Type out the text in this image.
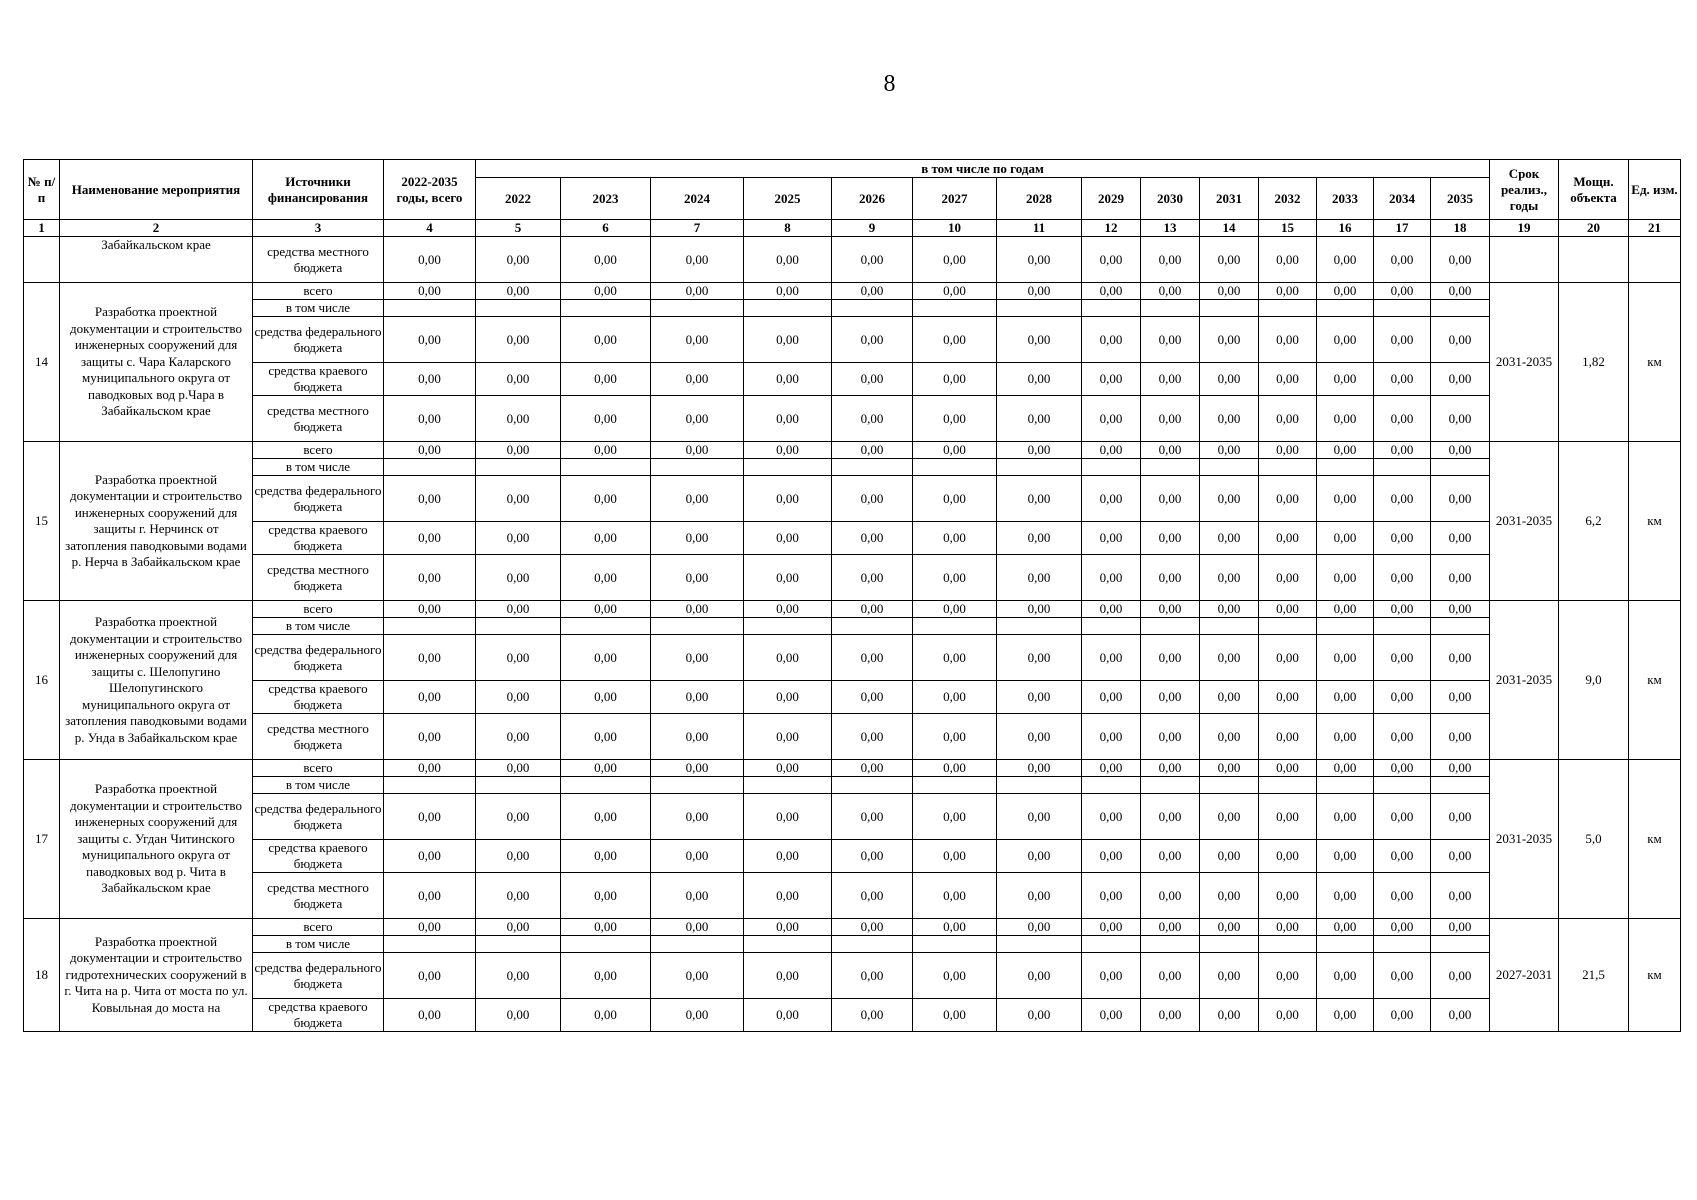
8
№ п/ п	Наименование мероприятия	Источники финансирования	2022-2035 годы, всего	в том числе по годам														Срок реализ., годы	Мощн. объекта	Ед. изм.
				2022	2023	2024	2025	2026	2027	2028	2029	2030	2031	2032	2033	2034	2035			
1	2	3	4	5	6	7	8	9	10	11	12	13	14	15	16	17	18	19	20	21
	Забайкальском крае	средства местного бюджета	0,00	0,00	0,00	0,00	0,00	0,00	0,00	0,00	0,00	0,00	0,00	0,00	0,00	0,00	0,00			
14	Разработка проектной документации и строительство инженерных сооружений для защиты с. Чара Каларского муниципального округа от паводковых вод р.Чара в Забайкальском крае	всего	0,00	0,00	0,00	0,00	0,00	0,00	0,00	0,00	0,00	0,00	0,00	0,00	0,00	0,00	0,00	2031-2035	1,82	км
		в том числе																		
		средства федерального бюджета	0,00	0,00	0,00	0,00	0,00	0,00	0,00	0,00	0,00	0,00	0,00	0,00	0,00	0,00	0,00			
		средства краевого бюджета	0,00	0,00	0,00	0,00	0,00	0,00	0,00	0,00	0,00	0,00	0,00	0,00	0,00	0,00	0,00			
		средства местного бюджета	0,00	0,00	0,00	0,00	0,00	0,00	0,00	0,00	0,00	0,00	0,00	0,00	0,00	0,00	0,00			
15	Разработка проектной документации и строительство инженерных сооружений для защиты г. Нерчинск от затопления паводковыми водами р. Нерча в Забайкальском крае	всего	0,00	0,00	0,00	0,00	0,00	0,00	0,00	0,00	0,00	0,00	0,00	0,00	0,00	0,00	0,00	2031-2035	6,2	км
		в том числе																		
		средства федерального бюджета	0,00	0,00	0,00	0,00	0,00	0,00	0,00	0,00	0,00	0,00	0,00	0,00	0,00	0,00	0,00			
		средства краевого бюджета	0,00	0,00	0,00	0,00	0,00	0,00	0,00	0,00	0,00	0,00	0,00	0,00	0,00	0,00	0,00			
		средства местного бюджета	0,00	0,00	0,00	0,00	0,00	0,00	0,00	0,00	0,00	0,00	0,00	0,00	0,00	0,00	0,00			
16	Разработка проектной документации и строительство инженерных сооружений для защиты с. Шелопугино Шелопугинского муниципального округа от затопления паводковыми водами р. Унда в Забайкальском крае	всего	0,00	0,00	0,00	0,00	0,00	0,00	0,00	0,00	0,00	0,00	0,00	0,00	0,00	0,00	0,00	2031-2035	9,0	км
		в том числе																		
		средства федерального бюджета	0,00	0,00	0,00	0,00	0,00	0,00	0,00	0,00	0,00	0,00	0,00	0,00	0,00	0,00	0,00			
		средства краевого бюджета	0,00	0,00	0,00	0,00	0,00	0,00	0,00	0,00	0,00	0,00	0,00	0,00	0,00	0,00	0,00			
		средства местного бюджета	0,00	0,00	0,00	0,00	0,00	0,00	0,00	0,00	0,00	0,00	0,00	0,00	0,00	0,00	0,00			
17	Разработка проектной документации и строительство инженерных сооружений для защиты с. Угдан Читинского муниципального округа от паводковых вод р. Чита в Забайкальском крае	всего	0,00	0,00	0,00	0,00	0,00	0,00	0,00	0,00	0,00	0,00	0,00	0,00	0,00	0,00	0,00	2031-2035	5,0	км
		в том числе																		
		средства федерального бюджета	0,00	0,00	0,00	0,00	0,00	0,00	0,00	0,00	0,00	0,00	0,00	0,00	0,00	0,00	0,00			
		средства краевого бюджета	0,00	0,00	0,00	0,00	0,00	0,00	0,00	0,00	0,00	0,00	0,00	0,00	0,00	0,00	0,00			
		средства местного бюджета	0,00	0,00	0,00	0,00	0,00	0,00	0,00	0,00	0,00	0,00	0,00	0,00	0,00	0,00	0,00			
18	Разработка проектной документации и строительство гидротехнических сооружений в г. Чита на р. Чита от моста по ул. Ковыльная до моста на	всего	0,00	0,00	0,00	0,00	0,00	0,00	0,00	0,00	0,00	0,00	0,00	0,00	0,00	0,00	0,00	2027-2031	21,5	км
		в том числе																		
		средства федерального бюджета	0,00	0,00	0,00	0,00	0,00	0,00	0,00	0,00	0,00	0,00	0,00	0,00	0,00	0,00	0,00			
		средства краевого бюджета	0,00	0,00	0,00	0,00	0,00	0,00	0,00	0,00	0,00	0,00	0,00	0,00	0,00	0,00	0,00			
